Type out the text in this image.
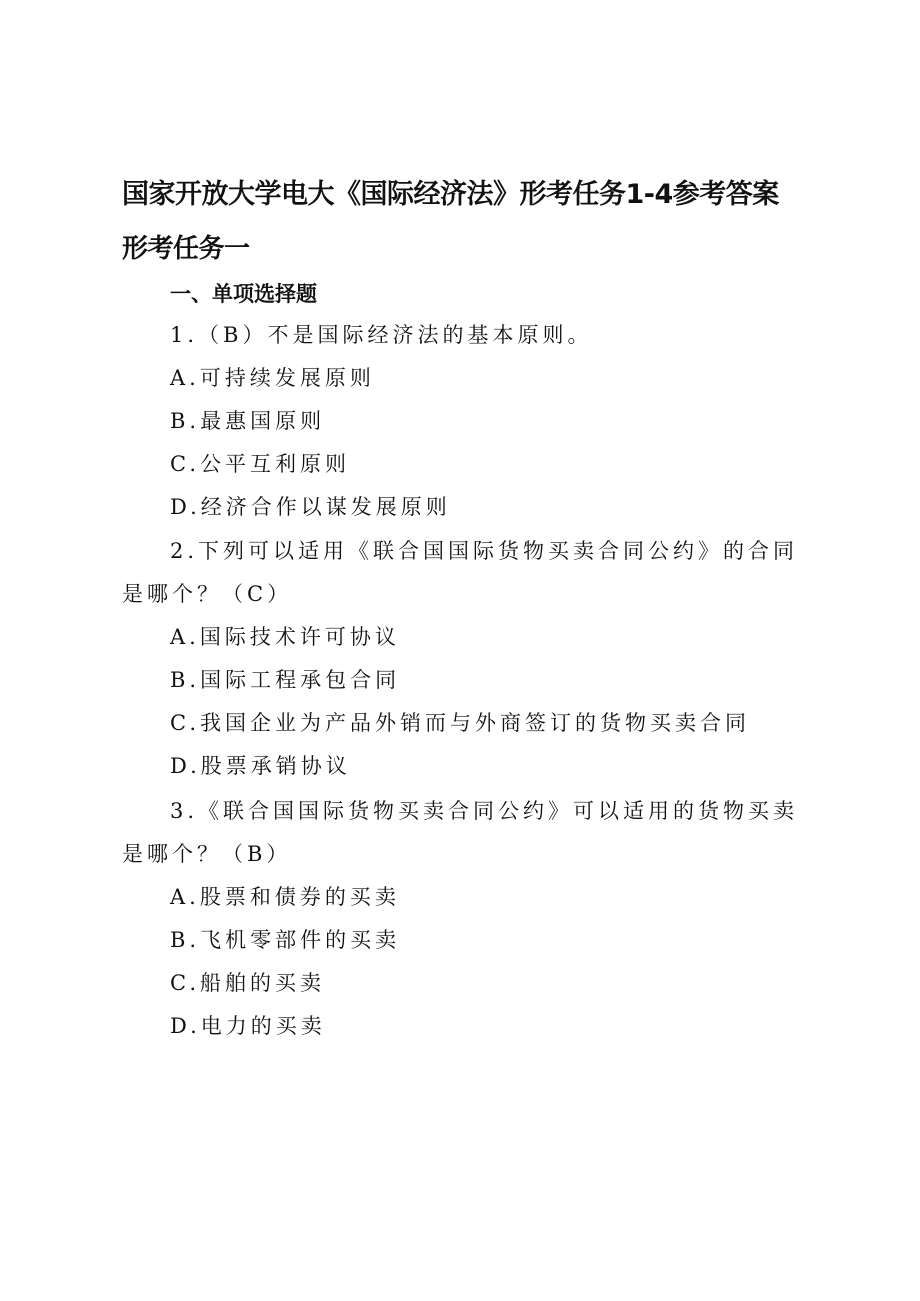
国家开放大学电大《国际经济法》形考任务1-4参考答案
形考任务一
一、单项选择题

1.（B）不是国际经济法的基本原则。

A.可持续发展原则

B.最惠国原则

C.公平互利原则

D.经济合作以谋发展原则

2.下列可以适用《联合国国际货物买卖合同公约》的合同是哪个？（C）

A.国际技术许可协议

B.国际工程承包合同

C.我国企业为产品外销而与外商签订的货物买卖合同

D.股票承销协议

3.《联合国国际货物买卖合同公约》可以适用的货物买卖是哪个？（B）

A.股票和债券的买卖

B.飞机零部件的买卖

C.船舶的买卖

D.电力的买卖
